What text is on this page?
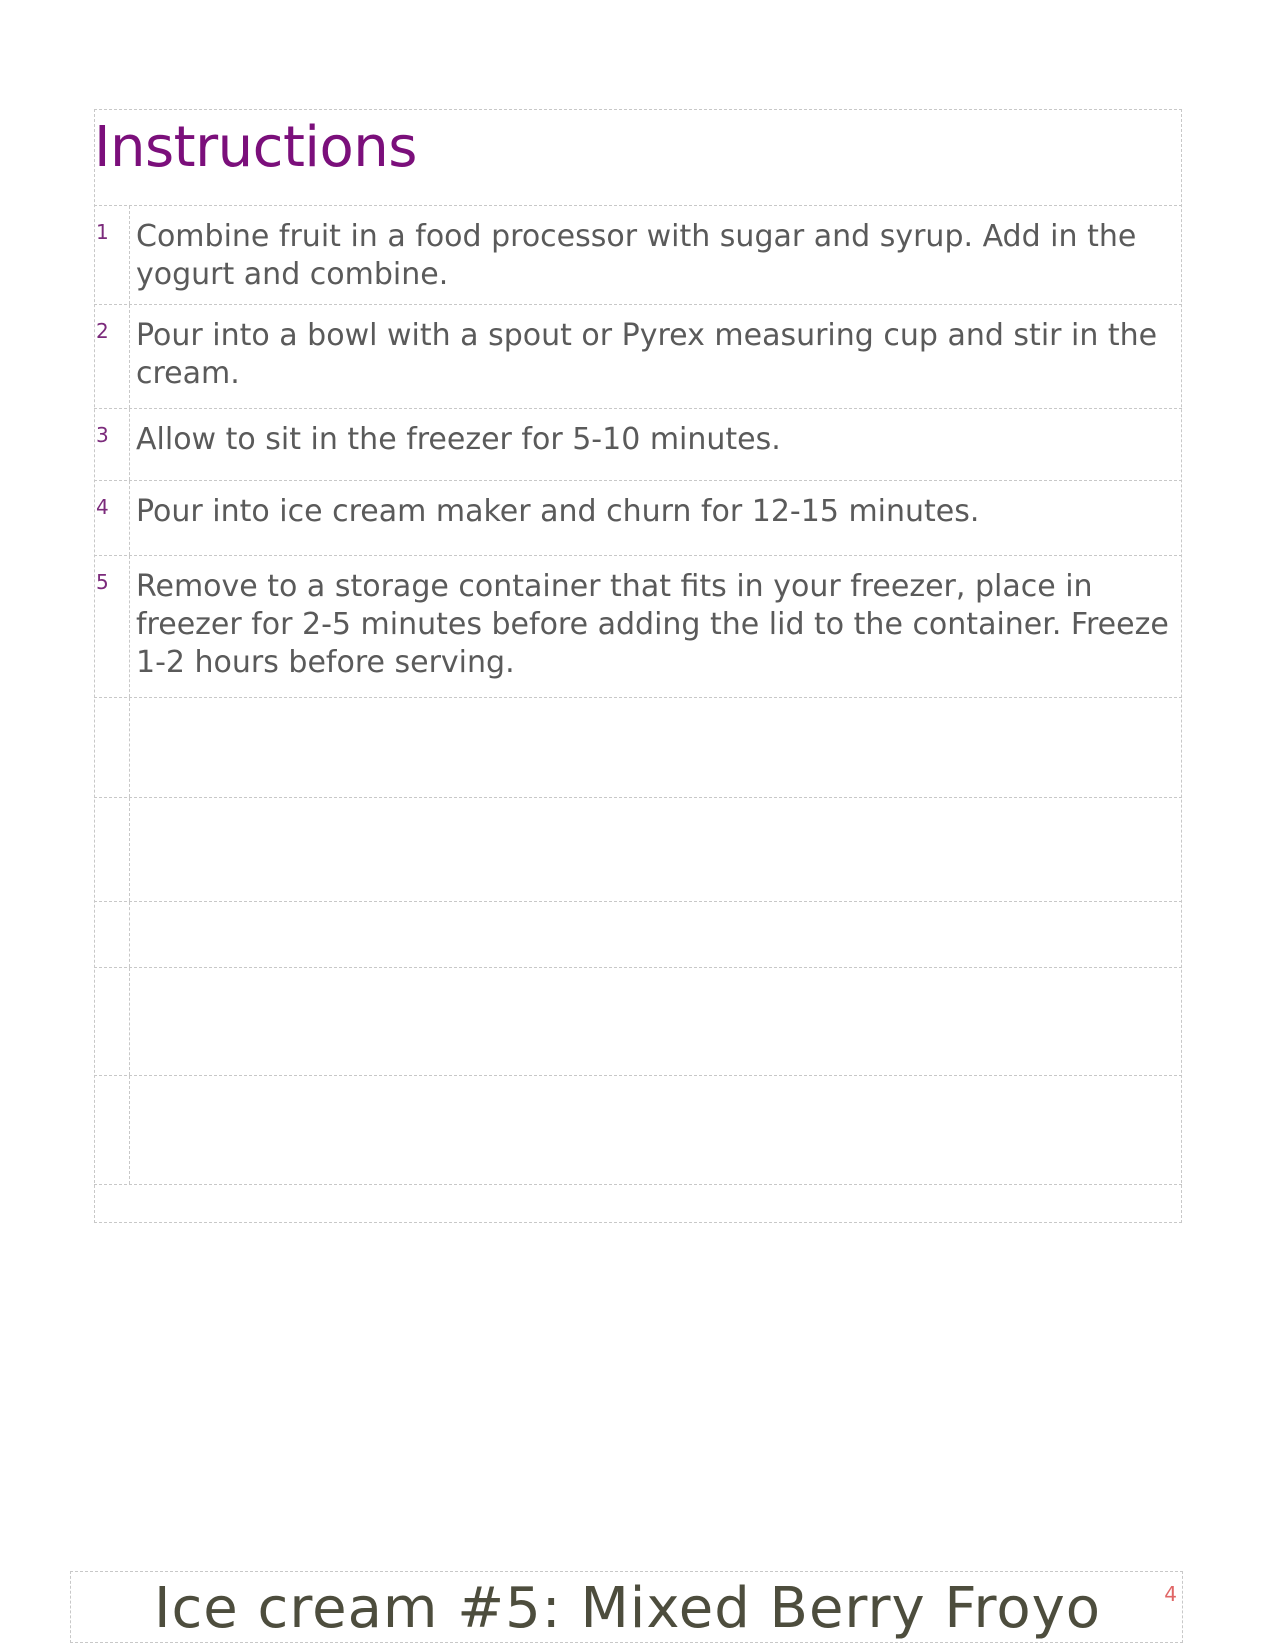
Instructions
1 Combine fruit in a food processor with sugar and syrup. Add in the yogurt and combine.
2 Pour into a bowl with a spout or Pyrex measuring cup and stir in the cream.
3 Allow to sit in the freezer for 5-10 minutes.
4 Pour into ice cream maker and churn for 12-15 minutes.
5 Remove to a storage container that fits in your freezer, place in freezer for 2-5 minutes before adding the lid to the container. Freeze 1-2 hours before serving.
Ice cream #5: Mixed Berry Froyo	4
